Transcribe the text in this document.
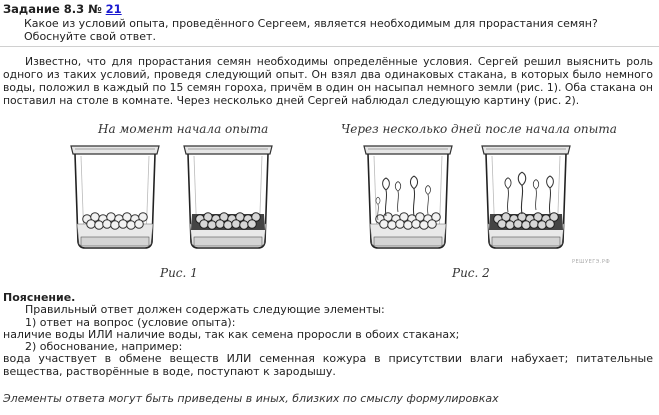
Задание 8.3 № 21
Какое из условий опыта, проведённого Сергеем, является необходимым для прорастания семян? Обоснуйте свой ответ.
Известно, что для прорастания семян необходимы определённые условия. Сергей решил выяснить роль одного из таких условий, проведя следующий опыт. Он взял два одинаковых стакана, в которых было немного воды, положил в каждый по 15 семян гороха, причём в один он насыпал немного земли (рис. 1). Оба стакана он поставил на столе в комнате. Через несколько дней Сергей наблюдал следующую картину (рис. 2).
На момент начала опыта	Через несколько дней после начала опыта
Рис. 1	Рис. 2
РЕШУЕГЭ.РФ
Пояснение.
Правильный ответ должен содержать следующие элементы:
1) ответ на вопрос (условие опыта):
наличие воды ИЛИ наличие воды, так как семена проросли в обоих стаканах;
2) обоснование, например:
вода участвует в обмене веществ ИЛИ семенная кожура в присутствии влаги набухает; питательные вещества, растворённые в воде, поступают к зародышу.
Элементы ответа могут быть приведены в иных, близких по смыслу формулировках
